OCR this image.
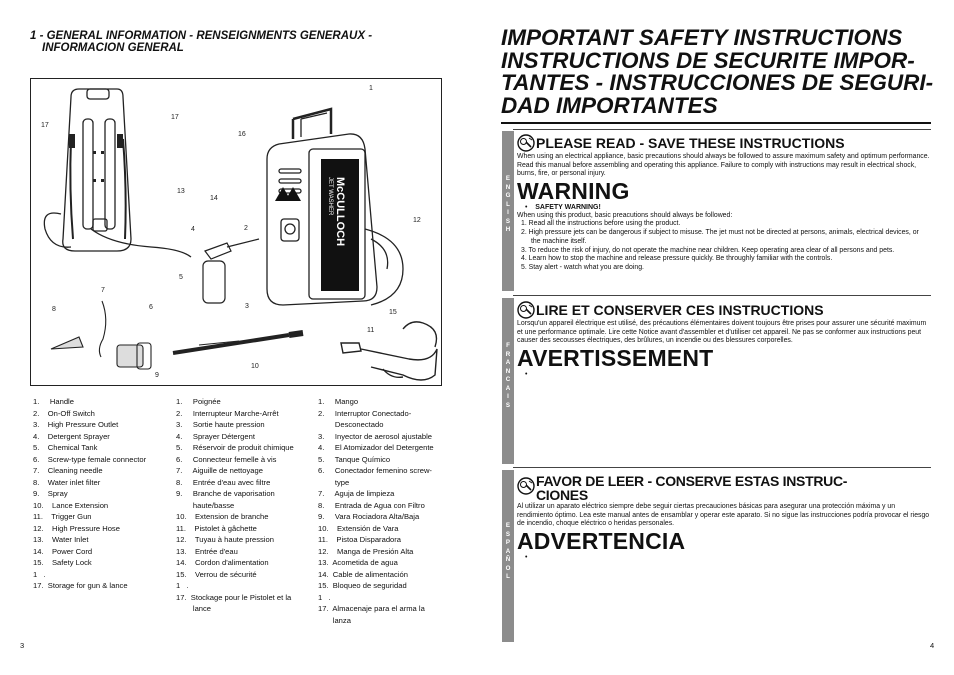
1 - GENERAL INFORMATION - RENSEIGNMENTS GENERAUX -
INFORMACION GENERAL
McCULLOCH
JET WASHER
1
17
17
16
13
14
4	2
12
5
3
7
8	6
15
11
10
9
1.     Handle
2.    On-Off Switch
3.    High Pressure Outlet
4.    Detergent Sprayer
5.    Chemical Tank
6.    Screw-type female connector
7.    Cleaning needle
8.    Water inlet filter
9.    Spray
10.    Lance Extension
11.    Trigger Gun
12.    High Pressure Hose
13.    Water Inlet
14.    Power Cord
15.    Safety Lock
1   .
17.  Storage for gun & lance
1.     Poignée
2.     Interrupteur Marche-Arrêt
3.     Sortie haute pression
4.     Sprayer Détergent
5.     Réservoir de produit chimique
6.     Connecteur femelle à vis
7.     Aiguille de nettoyage
8.     Entrée d'eau avec filtre
9.     Branche de vaporisation
haute/basse
10.    Extension de branche
11.    Pistolet à gâchette
12.    Tuyau à haute pression
13.    Entrée d'eau
14.    Cordon d'alimentation
15.    Verrou de sécurité
1   .
17.  Stockage pour le Pistolet et la
lance
1.     Mango
2.     Interruptor Conectado-
Desconectado
3.     Inyector de aerosol ajustable
4.     El Atomizador del Detergente
5.     Tanque Químico
6.     Conectador femenino screw-
type
7.     Aguja de limpieza
8.     Entrada de Agua con Filtro
9.     Vara Rociadora Alta/Baja
10.    Extensión de Vara
11.    Pistoa Disparadora
12.    Manga de Presión Alta
13.  Acometida de agua
14.  Cable de alimentación
15.  Bloqueo de seguridad
1   .
17.  Almacenaje para el arma la
lanza
3
IMPORTANT SAFETY INSTRUCTIONS
INSTRUCTIONS DE SECURITE IMPOR-
TANTES - INSTRUCCIONES DE SEGURI-
DAD IMPORTANTES
E
N
G
L
I
S
H
PLEASE READ - SAVE THESE INSTRUCTIONS

When using an electrical appliance, basic precautions should always be followed to assure maximum safety and optimum performance. Read this manual before assembling and operating this appliance. Failure to comply with instructions may result in electrical shock, burns, fire, or personal injury.

WARNING
•    SAFETY WARNING!

When using this product, basic preacutions should always be followed:

1. Read all the instructions before using the product.
2. High pressure jets can be dangerous if subject to misuse. The jet must not be directed at persons, animals, electrical devices, or the machine itself.
3. To reduce the risk of injury, do not operate the machine near children. Keep operating area clear of all persons and pets.
4. Learn how to stop the machine and release pressure quickly. Be throughly familiar with the controls.
5. Stay alert - watch what you are doing.
F
R
A
N
C
A
I
S
LIRE ET CONSERVER CES INSTRUCTIONS

Lorsqu'un appareil électrique est utilisé, des précautions élémentaires doivent toujours être prises pour assurer une sécurité maximum et une performance optimale. Lire cette Notice avant d'assembler et d'utiliser cet appareil. Ne pas se conformer aux instructions peut causer des secousses électriques, des brûlures, un incendie ou des blessures corporelles.

AVERTISSEMENT
•
E
S
P
A
Ñ
O
L
FAVOR DE LEER - CONSERVE ESTAS INSTRUC-
CIONES

Al utilizar un aparato eléctrico siempre debe seguir ciertas precauciones básicas para asegurar una protección máxima y un rendimiento óptimo. Lea este manual antes de ensamblar y operar este aparato. Si no sigue las instrucciones podría provocar el riesgo de incendio, choque eléctrico o heridas personales.

ADVERTENCIA
•
4
